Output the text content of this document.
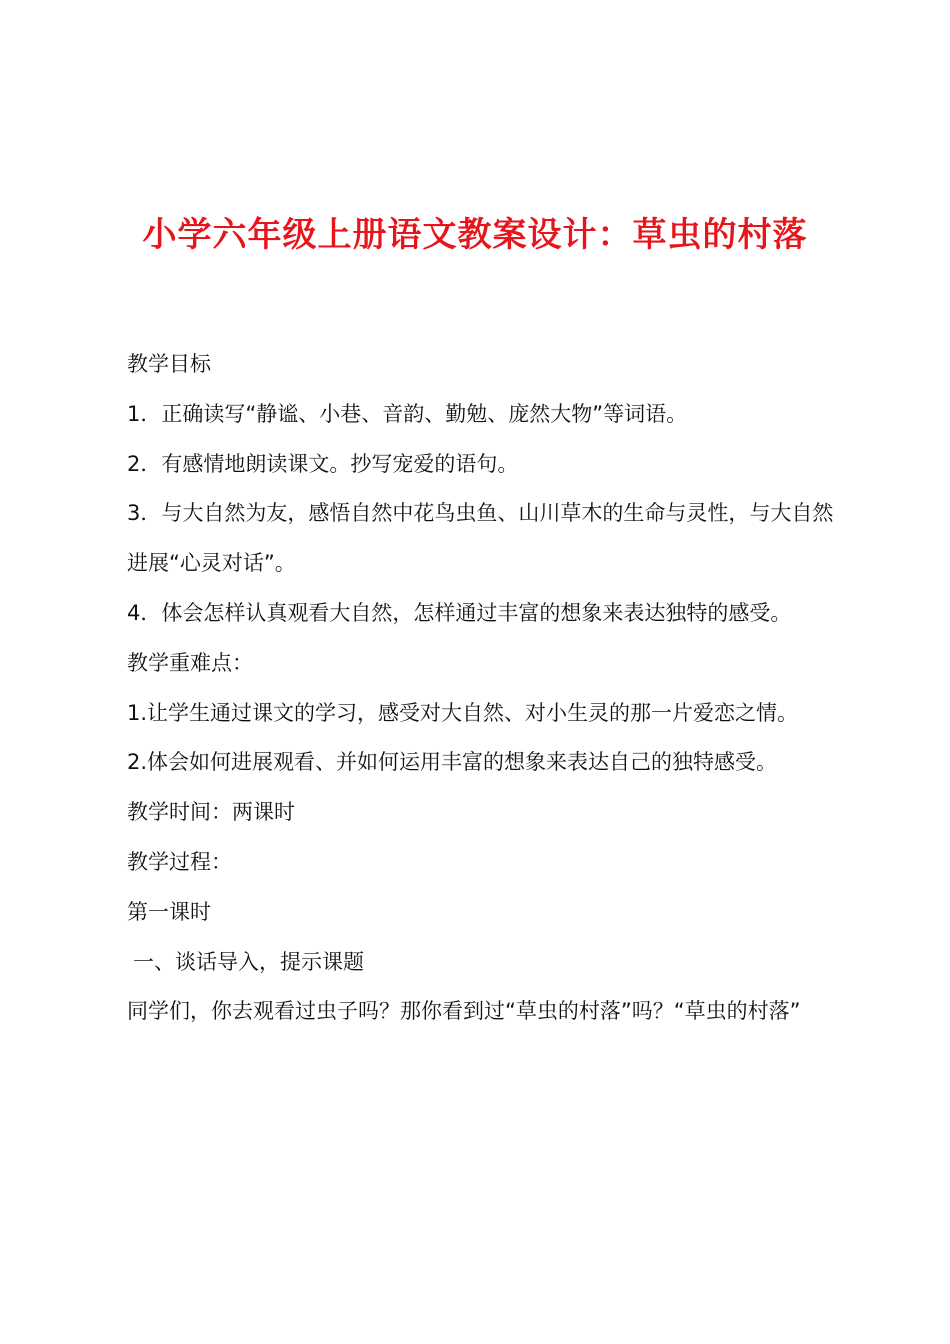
小学六年级上册语文教案设计：草虫的村落

教学目标

1．正确读写“静谧、小巷、音韵、勤勉、庞然大物”等词语。

2．有感情地朗读课文。抄写宠爱的语句。

3．与大自然为友，感悟自然中花鸟虫鱼、山川草木的生命与灵性，与大自然进展“心灵对话”。

4．体会怎样认真观看大自然，怎样通过丰富的想象来表达独特的感受。

教学重难点：

1.让学生通过课文的学习，感受对大自然、对小生灵的那一片爱恋之情。

2.体会如何进展观看、并如何运用丰富的想象来表达自己的独特感受。

教学时间：两课时

教学过程：

第一课时

一、谈话导入，提示课题

同学们，你去观看过虫子吗？那你看到过“草虫的村落”吗？“草虫的村落”
